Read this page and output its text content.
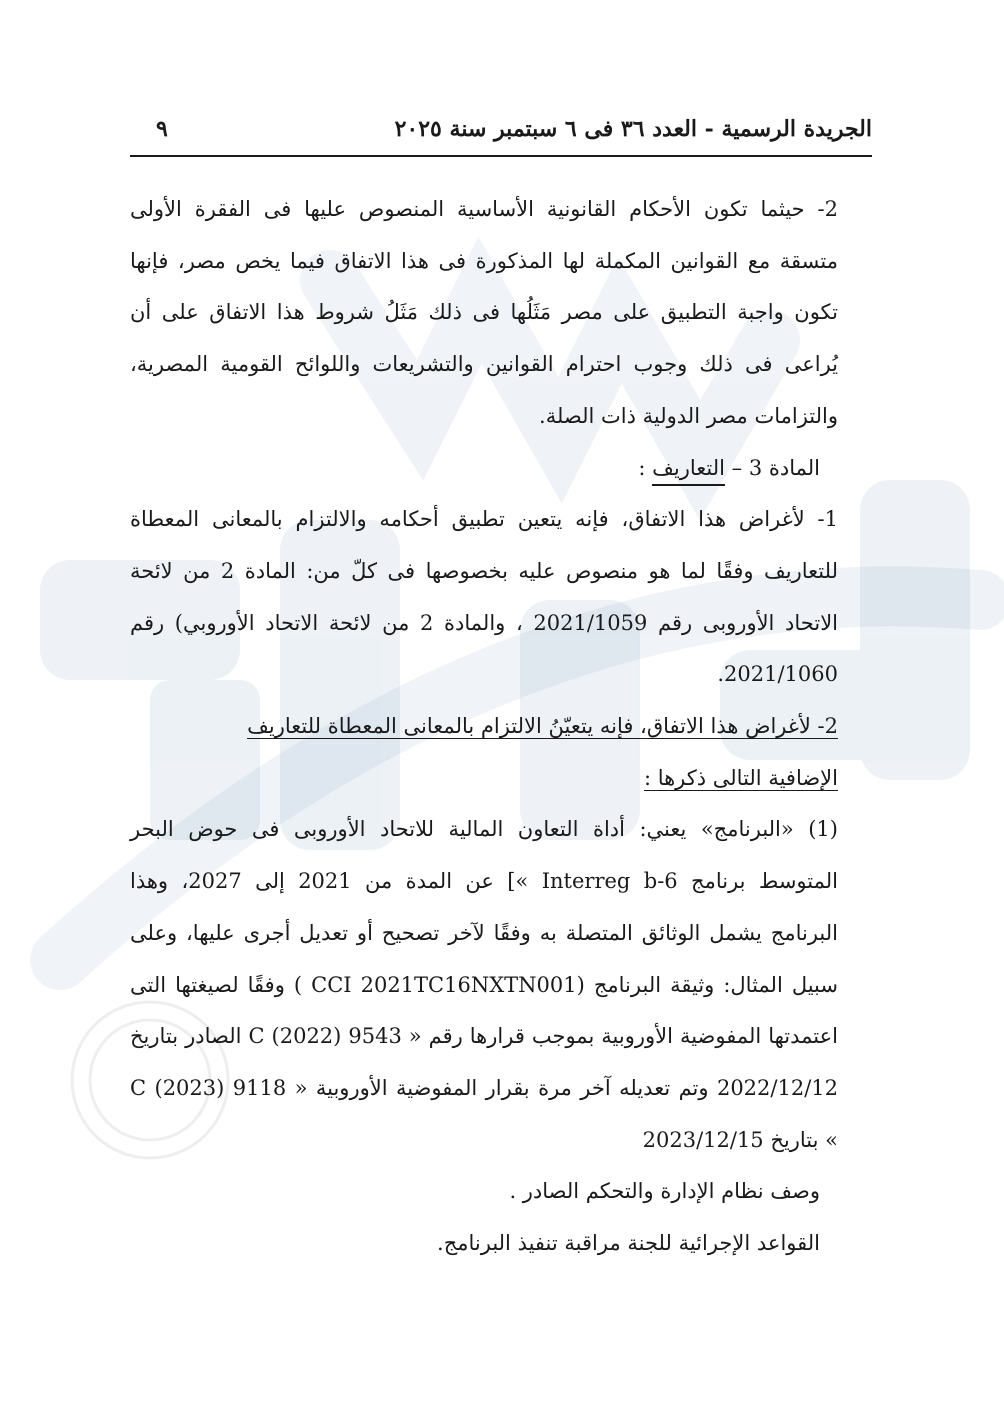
الجريدة الرسمية - العدد ٣٦ فى ٦ سبتمبر سنة ٢٠٢٥
٩

2- حيثما تكون الأحكام القانونية الأساسية المنصوص عليها فى الفقرة الأولى متسقة مع القوانين المكملة لها المذكورة فى هذا الاتفاق فيما يخص مصر، فإنها تكون واجبة التطبيق على مصر مَثَلُها فى ذلك مَثَلُ شروط هذا الاتفاق على أن يُراعى فى ذلك وجوب احترام القوانين والتشريعات واللوائح القومية المصرية، والتزامات مصر الدولية ذات الصلة.

المادة 3 – التعاريف :

1- لأغراض هذا الاتفاق، فإنه يتعين تطبيق أحكامه والالتزام بالمعانى المعطاة للتعاريف وفقًا لما هو منصوص عليه بخصوصها فى كلّ من: المادة 2 من لائحة الاتحاد الأوروبى رقم 2021/1059 ، والمادة 2 من لائحة الاتحاد الأوروبي) رقم 2021/1060.

2- لأغراض هذا الاتفاق، فإنه يتعيّنُ الالتزام بالمعانى المعطاة للتعاريف
الإضافية التالى ذكرها :

(1) «البرنامج» يعني: أداة التعاون المالية للاتحاد الأوروبى فى حوض البحر المتوسط برنامج Interreg b-6 »] عن المدة من 2021 إلى 2027، وهذا البرنامج يشمل الوثائق المتصلة به وفقًا لآخر تصحيح أو تعديل أجرى عليها، وعلى سبيل المثال: وثيقة البرنامج (CCI 2021TC16NXTN001 ) وفقًا لصيغتها التى اعتمدتها المفوضية الأوروبية بموجب قرارها رقم « 9543 (2022) C الصادر بتاريخ 2022/12/12 وتم تعديله آخر مرة بقرار المفوضية الأوروبية « 9118 (2023) C » بتاريخ 2023/12/15

وصف نظام الإدارة والتحكم الصادر .

القواعد الإجرائية للجنة مراقبة تنفيذ البرنامج.
